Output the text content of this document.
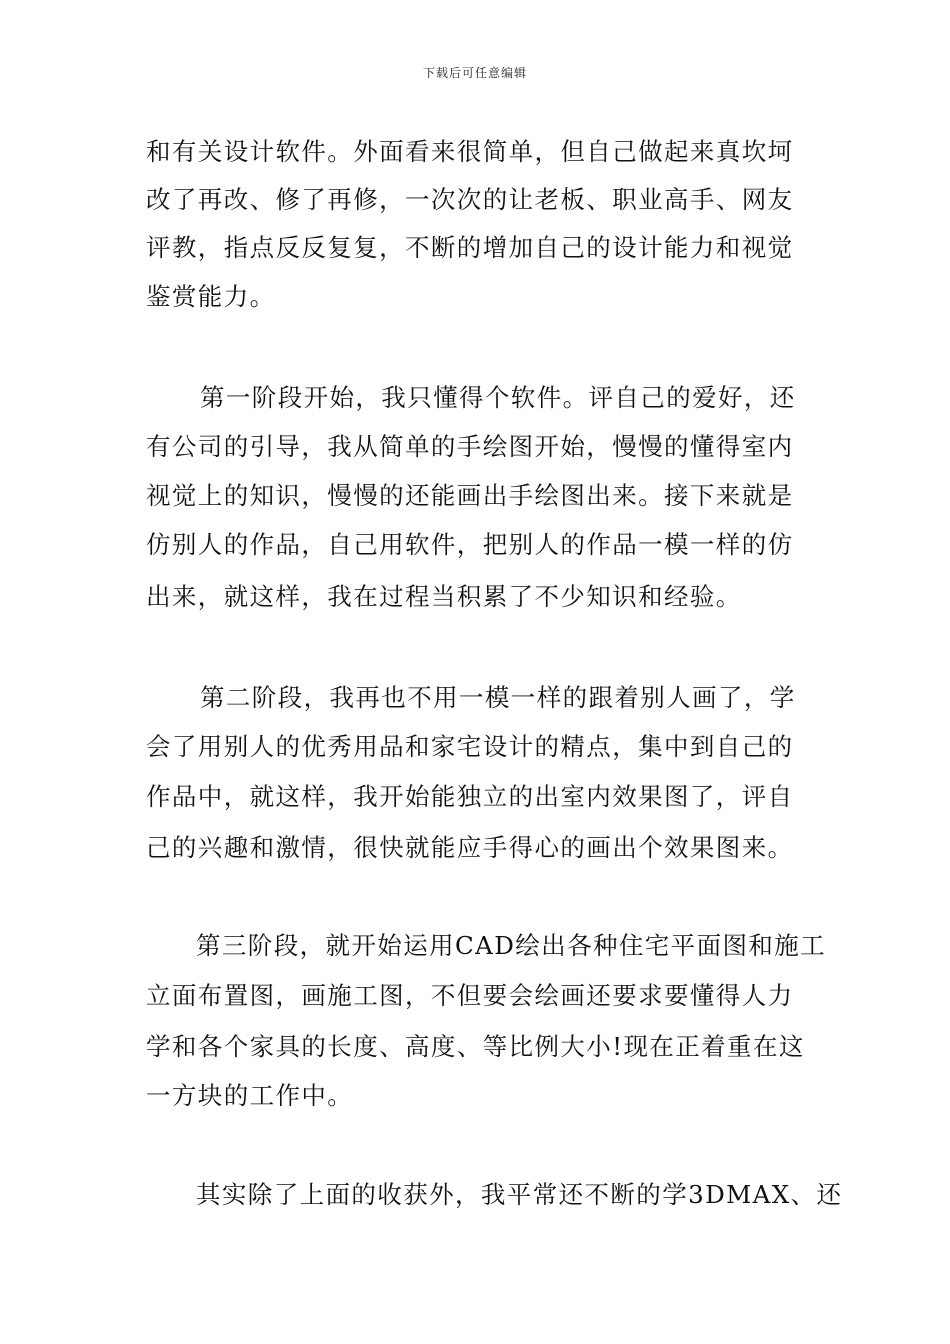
下载后可任意编辑
和有关设计软件。外面看来很简单，但自己做起来真坎坷
改了再改、修了再修，一次次的让老板、职业高手、网友
评教，指点反反复复，不断的增加自己的设计能力和视觉
鉴赏能力。
第一阶段开始，我只懂得个软件。评自己的爱好，还
有公司的引导，我从简单的手绘图开始，慢慢的懂得室内
视觉上的知识，慢慢的还能画出手绘图出来。接下来就是
仿别人的作品，自己用软件，把别人的作品一模一样的仿
出来，就这样，我在过程当积累了不少知识和经验。
第二阶段，我再也不用一模一样的跟着别人画了，学
会了用别人的优秀用品和家宅设计的精点，集中到自己的
作品中，就这样，我开始能独立的出室内效果图了，评自
己的兴趣和激情，很快就能应手得心的画出个效果图来。
第三阶段，就开始运用CAD绘出各种住宅平面图和施工
立面布置图，画施工图，不但要会绘画还要求要懂得人力
学和各个家具的长度、高度、等比例大小!现在正着重在这
一方块的工作中。
其实除了上面的收获外，我平常还不断的学3DMAX、还
